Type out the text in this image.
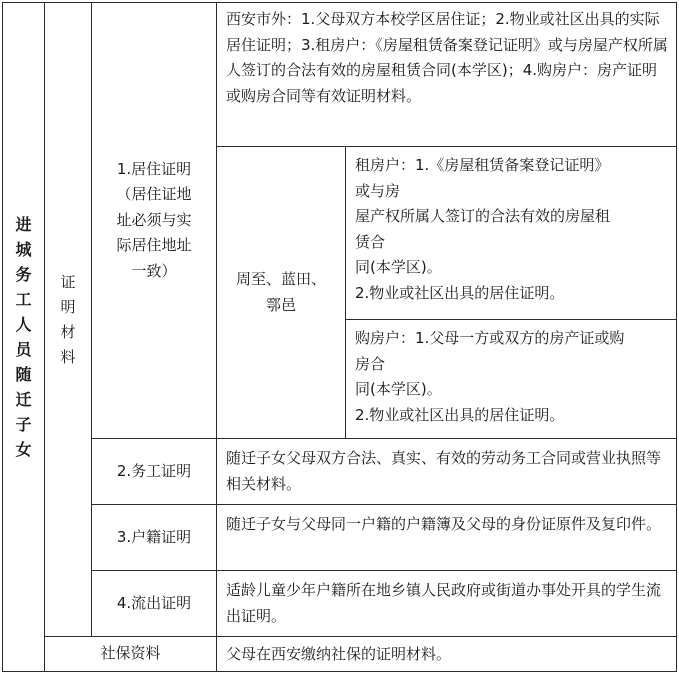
进
城
务
工
人
员
随
迁
子
女
证
明
材
料
1.居住证明
（居住证地
址必须与实
际居住地址
一致）
西安市外：1.父母双方本校学区居住证；2.物业或社区出具的实际居住证明；3.租房户：《房屋租赁备案登记证明》或与房屋产权所属人签订的合法有效的房屋租赁合同(本学区)；4.购房户：房产证明或购房合同等有效证明材料。
周至、蓝田、
鄠邑
租房户：1.《房屋租赁备案登记证明》
或与房
屋产权所属人签订的合法有效的房屋租
赁合
同(本学区)。
2.物业或社区出具的居住证明。
购房户：1.父母一方或双方的房产证或购
房合
同(本学区)。
2.物业或社区出具的居住证明。
2.务工证明
随迁子女父母双方合法、真实、有效的劳动务工合同或营业执照等相关材料。
3.户籍证明
随迁子女与父母同一户籍的户籍簿及父母的身份证原件及复印件。
4.流出证明
适龄儿童少年户籍所在地乡镇人民政府或街道办事处开具的学生流出证明。
社保资料	父母在西安缴纳社保的证明材料。
